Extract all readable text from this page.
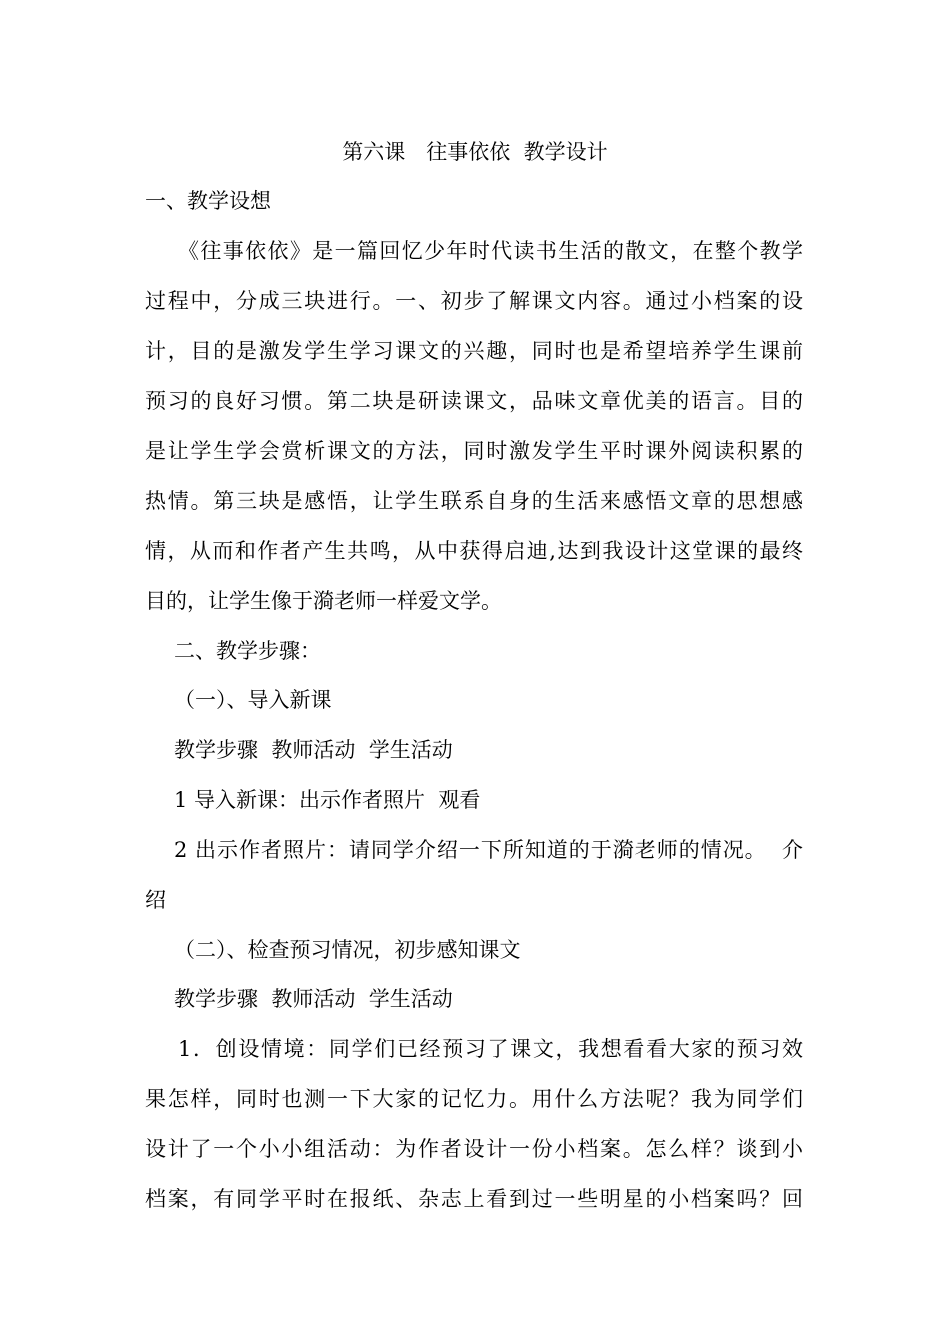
第六课　往事依依  教学设计
一、教学设想
《往事依依》是一篇回忆少年时代读书生活的散文，在整个教学
过程中，分成三块进行。一、初步了解课文内容。通过小档案的设
计，目的是激发学生学习课文的兴趣，同时也是希望培养学生课前
预习的良好习惯。第二块是研读课文，品味文章优美的语言。目的
是让学生学会赏析课文的方法，同时激发学生平时课外阅读积累的
热情。第三块是感悟，让学生联系自身的生活来感悟文章的思想感
情，从而和作者产生共鸣，从中获得启迪,达到我设计这堂课的最终
目的，让学生像于漪老师一样爱文学。
二、教学步骤：
（一）、导入新课
教学步骤  教师活动  学生活动
1 导入新课：出示作者照片  观看
2 出示作者照片：请同学介绍一下所知道的于漪老师的情况。  介
绍
（二）、检查预习情况，初步感知课文
教学步骤  教师活动  学生活动
1．创设情境：同学们已经预习了课文，我想看看大家的预习效
果怎样，同时也测一下大家的记忆力。用什么方法呢？我为同学们
设计了一个小小组活动：为作者设计一份小档案。怎么样？谈到小
档案，有同学平时在报纸、杂志上看到过一些明星的小档案吗？回
